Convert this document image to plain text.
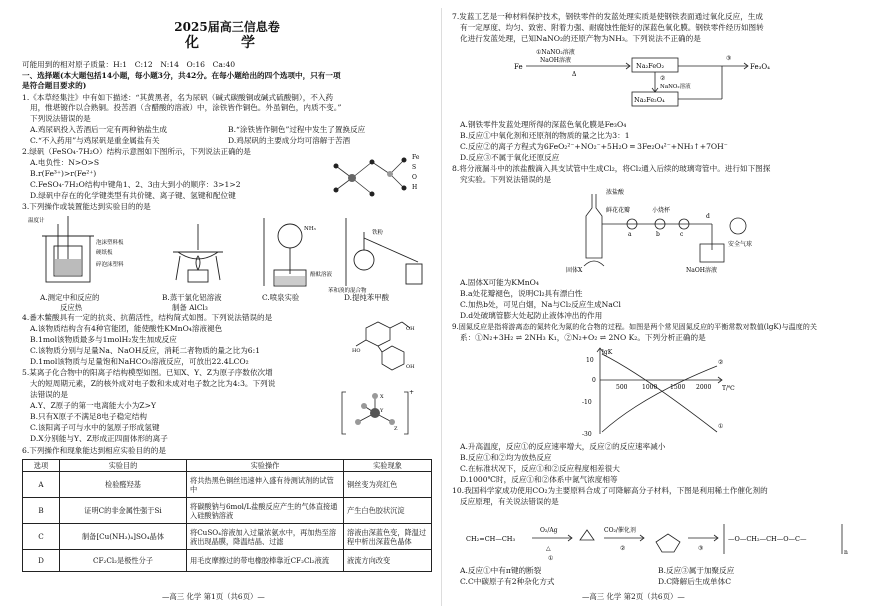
2025届高三信息卷
化　学
可能用到的相对原子质量：H:1　C:12　N:14　O:16　Ca:40
一、选择题(本大题包括14小题，每小题3分，共42分。在每小题给出的四个选项中，只有一项
是符合题目要求的)
1.《本草经集注》中有如下描述：“其黄黑者，名为尿矾（碱式碳酸铜或碱式硫酸铜），不入药
用，惟堪镀作以合熟铜。投苦酒（含醋酸的溶液）中，涂铁皆作铜色。外虽铜色，内质不变。”
下列说法错误的是
A.鸡尿矾投入苦酒后一定有两种钠盐生成	B.“涂铁皆作铜色”过程中发生了置换反应
C.“不入药用”与鸡尿矾是重金属盐有关	D.鸡尿矾的主要成分均可溶解于苦酒
2.绿矾（FeSO₄·7H₂O）结构示意图如下图所示，下列说法正确的是
A.电负性：N>O>S
B.r(Fe³⁺)>r(Fe²⁺)
C.FeSO₄·7H₂O结构中键角1、2、3由大到小的顺序：3>1>2
D.绿矾中存在的化学键类型有共价键、离子键、氢键和配位键
Fe
S
O
H
3.下列操作或装置能达到实验目的的是
温度计
泡沫塑料板
硬纸板
碎泡沫塑料
NH₃
酚酞溶液
铁粉
苯和溴的混合物
A.测定中和反应的
反应热
B.蒸干氯化铝溶液
制备 AlCl₃
C.喷泉实验	D.提纯苯甲酸
4.番木鳖酸具有一定的抗炎、抗菌活性，结构简式如图。下列说法错误的是
A.该物质结构含有4种官能团，能使酸性KMnO₄溶液褪色
B.1mol该物质最多与1molH₂发生加成反应
C.该物质分别与足量Na、NaOH反应，消耗二者物质的量之比为6:1
D.1mol该物质与足量饱和NaHCO₃溶液反应，可放出22.4LCO₂
OH
HO
OH
5.某离子化合物中的阳离子结构模型如图。已知X、Y、Z为原子序数依次增
大的短周期元素，Z的核外成对电子数和未成对电子数之比为4:3。下列说
法错误的是
A.Y、Z原子的第一电离能大小为Z>Y
B.只有X原子不满足8电子稳定结构
C.该阳离子可与水中的氢原子形成氢键
D.X分别能与Y、Z形成正四面体形的离子
X
Y
Z
+
6.下列操作和现象能达到相应实验目的的是
选项	实验目的	实验操作	实验现象
A	检验醛羟基	将共热黑色铜丝迅速伸入盛有待测试剂的试管中	铜丝变为亮红色
B	证明C的非金属性强于Si	将碳酸钠与6mol/L盐酸反应产生的气体直接通入硅酸钠溶液	产生白色胶状沉淀
C	制备[Cu(NH₃)₄]SO₄晶体	将CuSO₄溶液加入过量浓氨水中，再加热至溶液出现晶膜，降温结晶、过滤	溶液由深蓝色变，降温过程中析出深蓝色晶体
D	CF₂Cl₂是极性分子	用毛皮摩擦过的带电橡胶棒靠近CF₂Cl₂液流	液流方向改变
—高三 化学 第1页（共6页）—
7.发蓝工艺是一种材料保护技术，钢铁零件的发蓝处理实质是使钢铁表面通过氧化反应，生成
有一定厚度、均匀、致密、附着力强、耐腐蚀性能好的深蓝色氧化膜。钢铁零件经历如图转
化进行发蓝处理，已知NaNO₂的还原产物为NH₃。下列说法不正确的是
①NaNO₂溶液
NaOH溶液
Δ
Fe	Na₂FeO₂
②
NaNO₂溶液
Na₂Fe₂O₄
③
Fe₃O₄
A.钢铁零件发蓝处理所得的深蓝色氧化膜是Fe₃O₄
B.反应①中氧化剂和还原剂的物质的量之比为3：1
C.反应②的离子方程式为6FeO₂²⁻+NO₂⁻+5H₂O ═ 3Fe₂O₄²⁻+NH₃↑+7OH⁻
D.反应③不属于氧化还原反应
8.将分液漏斗中的浓盐酸滴入具支试管中生成Cl₂，将Cl₂通入后续的玻璃弯管中。进行如下图探
究实验。下列说法错误的是
浓盐酸
鲜花花瓣	小烧杯
a	b	c
d
NaOH溶液
安全气球
固体X
A.固体X可能为KMnO₄
B.a处花瓣褪色，说明Cl₂具有漂白性
C.加热b处，可见白烟，Na与Cl₂反应生成NaCl
D.d处破璃管膨大处起防止液体冲出的作用
9.固氮反应是指将游离态的氮转化为氮的化合物的过程。如图是两个常见固氮反应的平衡常数对数值(lgK)与温度的关
系：①N₂+3H₂ ⇌ 2NH₃ K₁，②N₂+O₂ ⇌ 2NO K₂。下列分析正确的是
lgK
T/℃
10
0
-10
-30
500 1000 1500 2000
①
②
A.升高温度，反应①的反应速率增大，反应②的反应速率减小
B.反应①和②均为放热反应
C.在标准状况下，反应①和②反应程度相差很大
D.1000℃时，反应①和②体系中氮气浓度相等
10.我国科学家成功使用CO₂为主要原料合成了可降解高分子材料，下图是利用稀土作催化剂的
反应原理，有关说法错误的是
CH₂=CH—CH₃
O₂/Ag
△
①
CO₂/催化剂
②	③
—O—CH₂—CH—O—C—
n
A.反应①中有π键的断裂	B.反应③属于加聚反应
C.C中碳原子有2种杂化方式	D.C降解后生成单体C
—高三 化学 第2页（共6页）—
